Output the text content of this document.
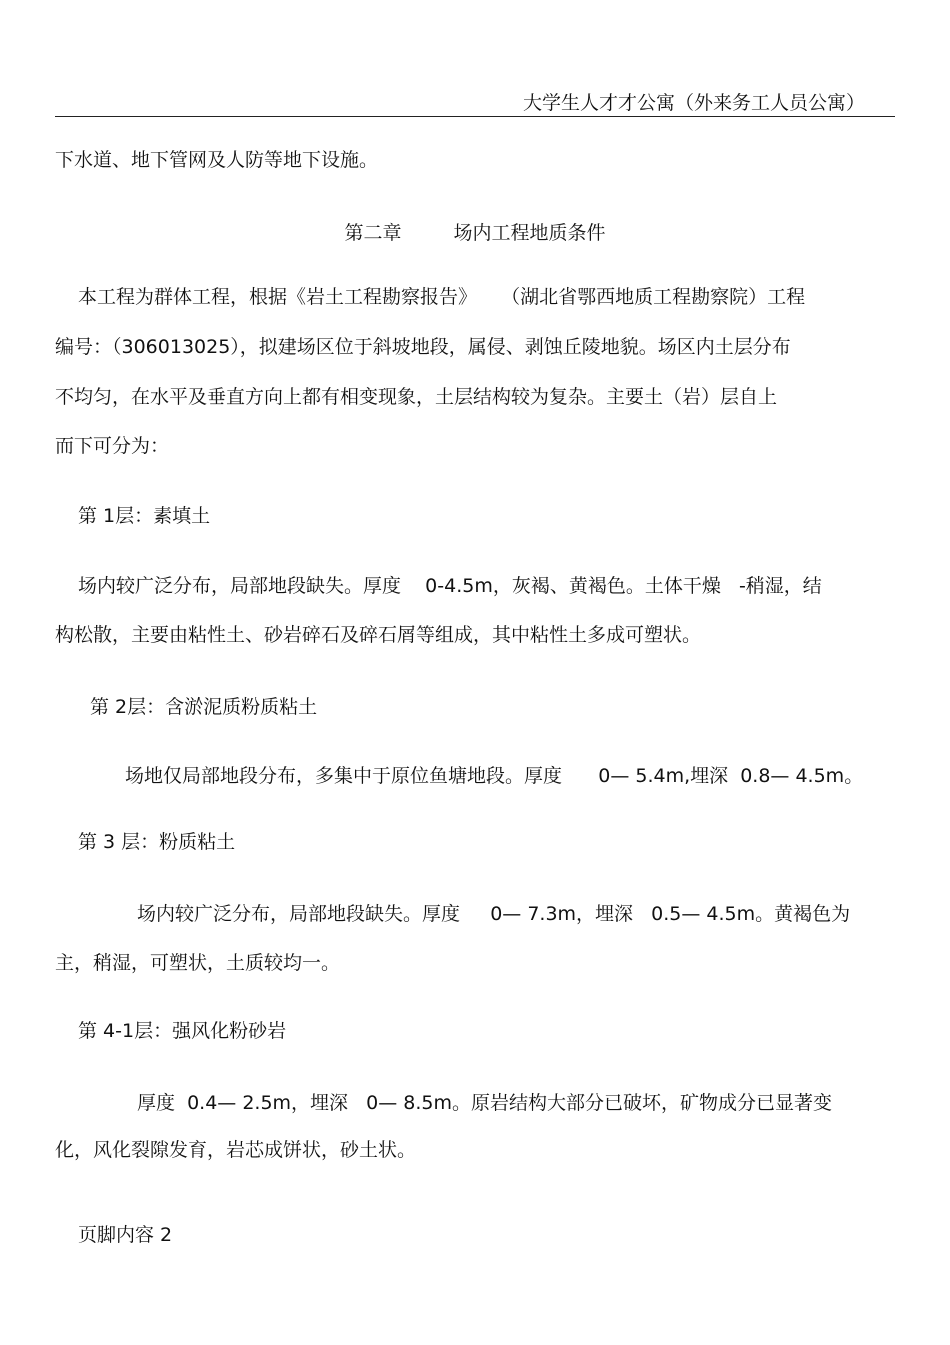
大学生人才才公寓（外来务工人员公寓）
下水道、地下管网及人防等地下设施。
第二章	场内工程地质条件
本工程为群体工程，根据《岩土工程勘察报告》    （湖北省鄂西地质工程勘察院）工程
编号：（306013025），拟建场区位于斜坡地段，属侵、剥蚀丘陵地貌。场区内土层分布
不均匀，在水平及垂直方向上都有相变现象，土层结构较为复杂。主要土（岩）层自上
而下可分为：
第 1层：素填土
场内较广泛分布，局部地段缺失。厚度    0-4.5m，灰褐、黄褐色。土体干燥   -稍湿，结
构松散，主要由粘性土、砂岩碎石及碎石屑等组成，其中粘性土多成可塑状。
第 2层：含淤泥质粉质粘土
场地仅局部地段分布，多集中于原位鱼塘地段。厚度      0— 5.4m,埋深  0.8— 4.5m。
第 3 层：粉质粘土
场内较广泛分布，局部地段缺失。厚度     0— 7.3m，埋深   0.5— 4.5m。黄褐色为
主，稍湿，可塑状，土质较均一。
第 4-1层：强风化粉砂岩
厚度  0.4— 2.5m，埋深   0— 8.5m。原岩结构大部分已破坏，矿物成分已显著变
化，风化裂隙发育，岩芯成饼状，砂土状。
页脚内容 2
